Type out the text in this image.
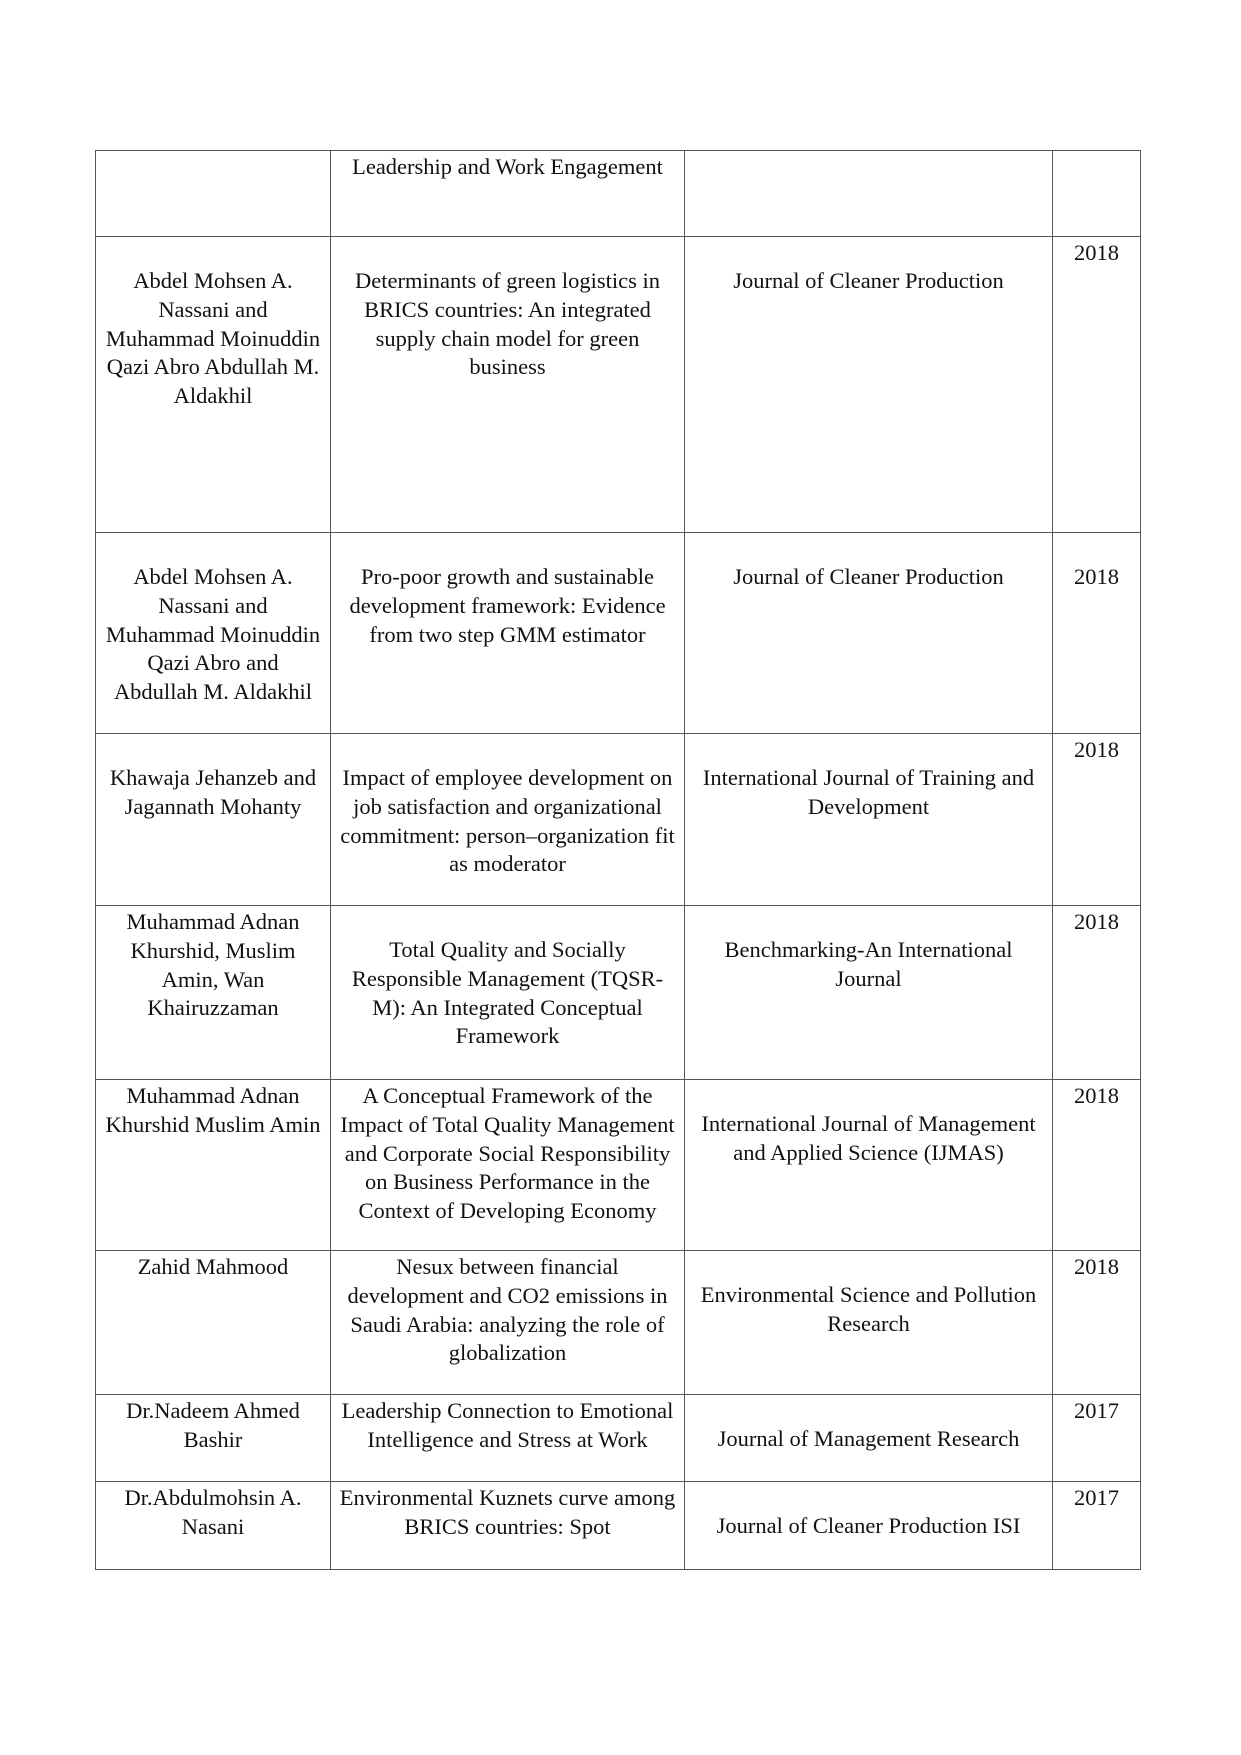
	Leadership and Work Engagement		
Abdel Mohsen A. Nassani and Muhammad Moinuddin Qazi Abro Abdullah M. Aldakhil	Determinants of green logistics in BRICS countries: An integrated supply chain model for green business	Journal of Cleaner Production	2018
Abdel Mohsen A. Nassani and Muhammad Moinuddin Qazi Abro and Abdullah M. Aldakhil	Pro-poor growth and sustainable development framework: Evidence from two step GMM estimator	Journal of Cleaner Production	2018
Khawaja Jehanzeb and Jagannath Mohanty	Impact of employee development on job satisfaction and organizational commitment: person–organization fit as moderator	International Journal of Training and Development	2018
Muhammad Adnan Khurshid, Muslim Amin, Wan Khairuzzaman	Total Quality and Socially Responsible Management (TQSR- M): An Integrated Conceptual Framework	Benchmarking-An International Journal	2018
Muhammad Adnan Khurshid Muslim Amin	A Conceptual Framework of the Impact of Total Quality Management and Corporate Social Responsibility on Business Performance in the Context of Developing Economy	International Journal of Management and Applied Science (IJMAS)	2018
Zahid Mahmood	Nesux between financial development and CO2 emissions in Saudi Arabia: analyzing the role of globalization	Environmental Science and Pollution Research	2018
Dr.Nadeem Ahmed Bashir	Leadership Connection to Emotional Intelligence and Stress at Work	Journal of Management Research	2017
Dr.Abdulmohsin A. Nasani	Environmental Kuznets curve among BRICS countries: Spot	Journal of Cleaner Production ISI	2017
